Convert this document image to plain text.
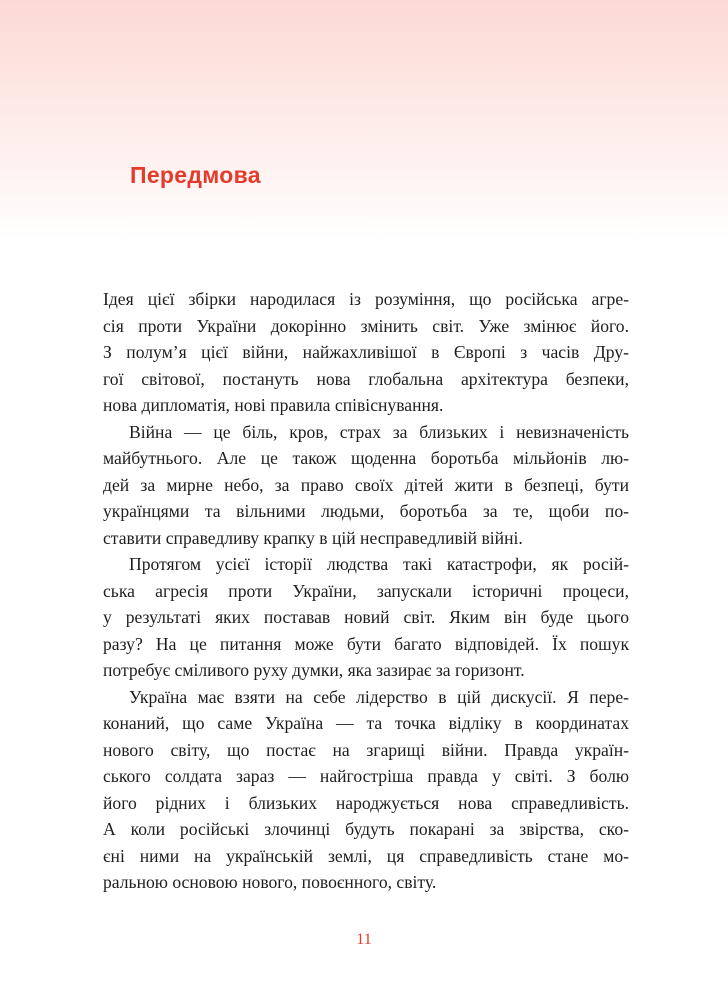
Передмова

Ідея цієї збірки народилася із розуміння, що російська агре-
сія проти України докорінно змінить світ. Уже змінює його.
З полум’я цієї війни, найжахливішої в Європі з часів Дру-
гої світової, постануть нова глобальна архітектура безпеки,
нова дипломатія, нові правила співіснування.

Війна — це біль, кров, страх за близьких і невизначеність
майбутнього. Але це також щоденна боротьба мільйонів лю-
дей за мирне небо, за право своїх дітей жити в безпеці, бути
українцями та вільними людьми, боротьба за те, щоби по-
ставити справедливу крапку в цій несправедливій війні.

Протягом усієї історії людства такі катастрофи, як росій-
ська агресія проти України, запускали історичні процеси,
у результаті яких поставав новий світ. Яким він буде цього
разу? На це питання може бути багато відповідей. Їх пошук
потребує сміливого руху думки, яка зазирає за горизонт.

Україна має взяти на себе лідерство в цій дискусії. Я пере-
конаний, що саме Україна — та точка відліку в координатах
нового світу, що постає на згарищі війни. Правда україн-
ського солдата зараз — найгостріша правда у світі. З болю
його рідних і близьких народжується нова справедливість.
А коли російські злочинці будуть покарані за звірства, ско-
єні ними на українській землі, ця справедливість стане мо-
ральною основою нового, повоєнного, світу.

11
